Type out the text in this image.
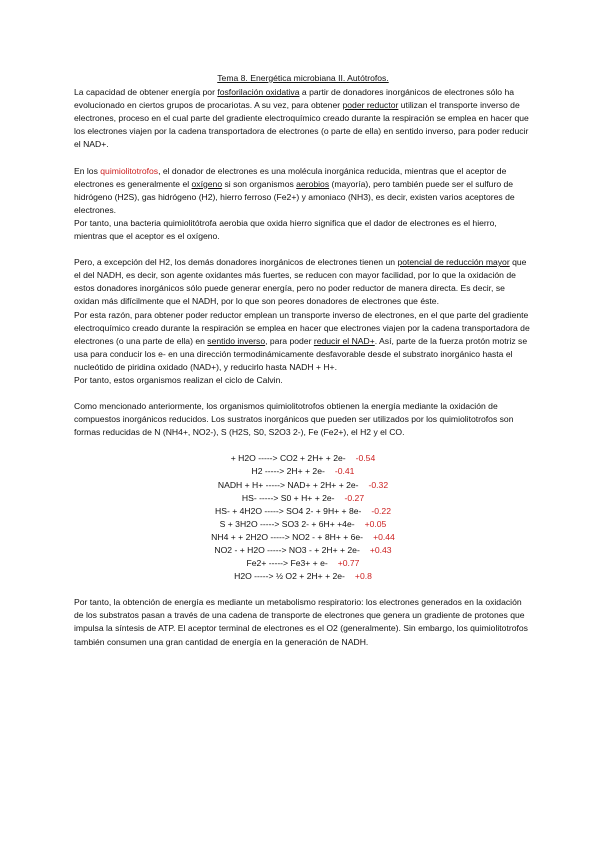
Tema 8. Energética microbiana II. Autótrofos.

La capacidad de obtener energía por fosforilación oxidativa a partir de donadores inorgánicos de electrones sólo ha evolucionado en ciertos grupos de procariotas. A su vez, para obtener poder reductor utilizan el transporte inverso de electrones, proceso en el cual parte del gradiente electroquímico creado durante la respiración se emplea en hacer que los electrones viajen por la cadena transportadora de electrones (o parte de ella) en sentido inverso, para poder reducir el NAD+.

En los quimiolitotrofos, el donador de electrones es una molécula inorgánica reducida, mientras que el aceptor de electrones es generalmente el oxígeno si son organismos aerobios (mayoría), pero también puede ser el sulfuro de hidrógeno (H2S), gas hidrógeno (H2), hierro ferroso (Fe2+) y amoniaco (NH3), es decir, existen varios aceptores de electrones.

Por tanto, una bacteria quimiolitótrofa aerobia que oxida hierro significa que el dador de electrones es el hierro, mientras que el aceptor es el oxígeno.

Pero, a excepción del H2, los demás donadores inorgánicos de electrones tienen un potencial de reducción mayor que el del NADH, es decir, son agente oxidantes más fuertes, se reducen con mayor facilidad, por lo que la oxidación de estos donadores inorgánicos sólo puede generar energía, pero no poder reductor de manera directa. Es decir, se oxidan más difícilmente que el NADH, por lo que son peores donadores de electrones que éste.

Por esta razón, para obtener poder reductor emplean un transporte inverso de electrones, en el que parte del gradiente electroquímico creado durante la respiración se emplea en hacer que electrones viajen por la cadena transportadora de electrones (o una parte de ella) en sentido inverso, para poder reducir el NAD+. Así, parte de la fuerza protón motriz se usa para conducir los e- en una dirección termodinámicamente desfavorable desde el substrato inorgánico hasta el nucleótido de piridina oxidado (NAD+), y reducirlo hasta NADH + H+.

Por tanto, estos organismos realizan el ciclo de Calvin.

Como mencionado anteriormente, los organismos quimiolitotrofos obtienen la energía mediante la oxidación de compuestos inorgánicos reducidos. Los sustratos inorgánicos que pueden ser utilizados por los quimiolitotrofos son formas reducidas de N (NH4+, NO2-), S (H2S, S0, S2O3 2-), Fe (Fe2+), el H2 y el CO.

+ H2O -----> CO2 + 2H+ + 2e- -0.54
H2 -----> 2H+ + 2e- -0.41
NADH + H+ -----> NAD+ + 2H+ + 2e- -0.32
HS- -----> S0 + H+ + 2e- -0.27
HS- + 4H2O -----> SO4 2- + 9H+ + 8e- -0.22
S + 3H2O -----> SO3 2- + 6H+ +4e- +0.05
NH4 + + 2H2O -----> NO2 - + 8H+ + 6e- +0.44
NO2 - + H2O -----> NO3 - + 2H+ + 2e- +0.43
Fe2+ -----> Fe3+ + e- +0.77
H2O -----> ½ O2 + 2H+ + 2e- +0.8

Por tanto, la obtención de energía es mediante un metabolismo respiratorio: los electrones generados en la oxidación de los substratos pasan a través de una cadena de transporte de electrones que genera un gradiente de protones que impulsa la síntesis de ATP. El aceptor terminal de electrones es el O2 (generalmente). Sin embargo, los quimiolitotrofos también consumen una gran cantidad de energía en la generación de NADH.
